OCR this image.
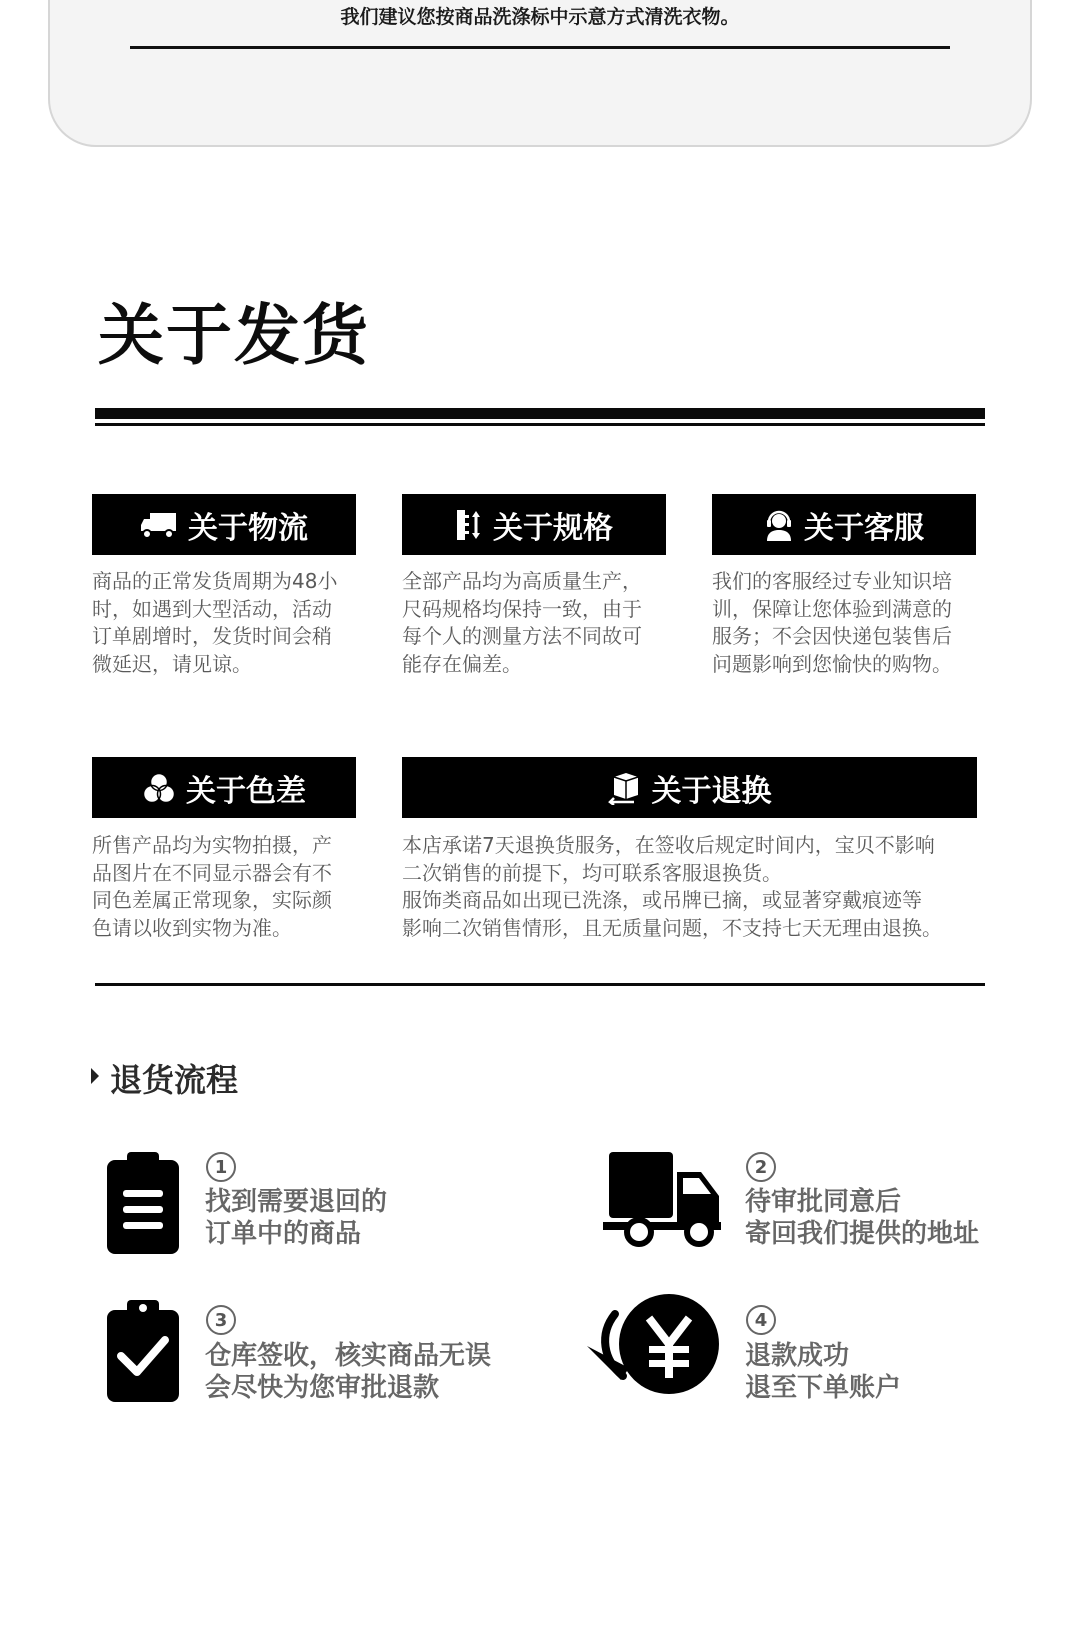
我们建议您按商品洗涤标中示意方式清洗衣物。
关于发货
关于物流
商品的正常发货周期为48小
时，如遇到大型活动，活动
订单剧增时，发货时间会稍
微延迟，请见谅。
关于规格
全部产品均为高质量生产，
尺码规格均保持一致，由于
每个人的测量方法不同故可
能存在偏差。
关于客服
我们的客服经过专业知识培
训，保障让您体验到满意的
服务；不会因快递包装售后
问题影响到您愉快的购物。
关于色差
所售产品均为实物拍摄，产
品图片在不同显示器会有不
同色差属正常现象，实际颜
色请以收到实物为准。
关于退换
本店承诺7天退换货服务，在签收后规定时间内，宝贝不影响
二次销售的前提下，均可联系客服退换货。
服饰类商品如出现已洗涤，或吊牌已摘，或显著穿戴痕迹等
影响二次销售情形，且无质量问题，不支持七天无理由退换。
退货流程
1
找到需要退回的
订单中的商品
2
待审批同意后
寄回我们提供的地址
3
仓库签收，核实商品无误
会尽快为您审批退款
4
退款成功
退至下单账户
